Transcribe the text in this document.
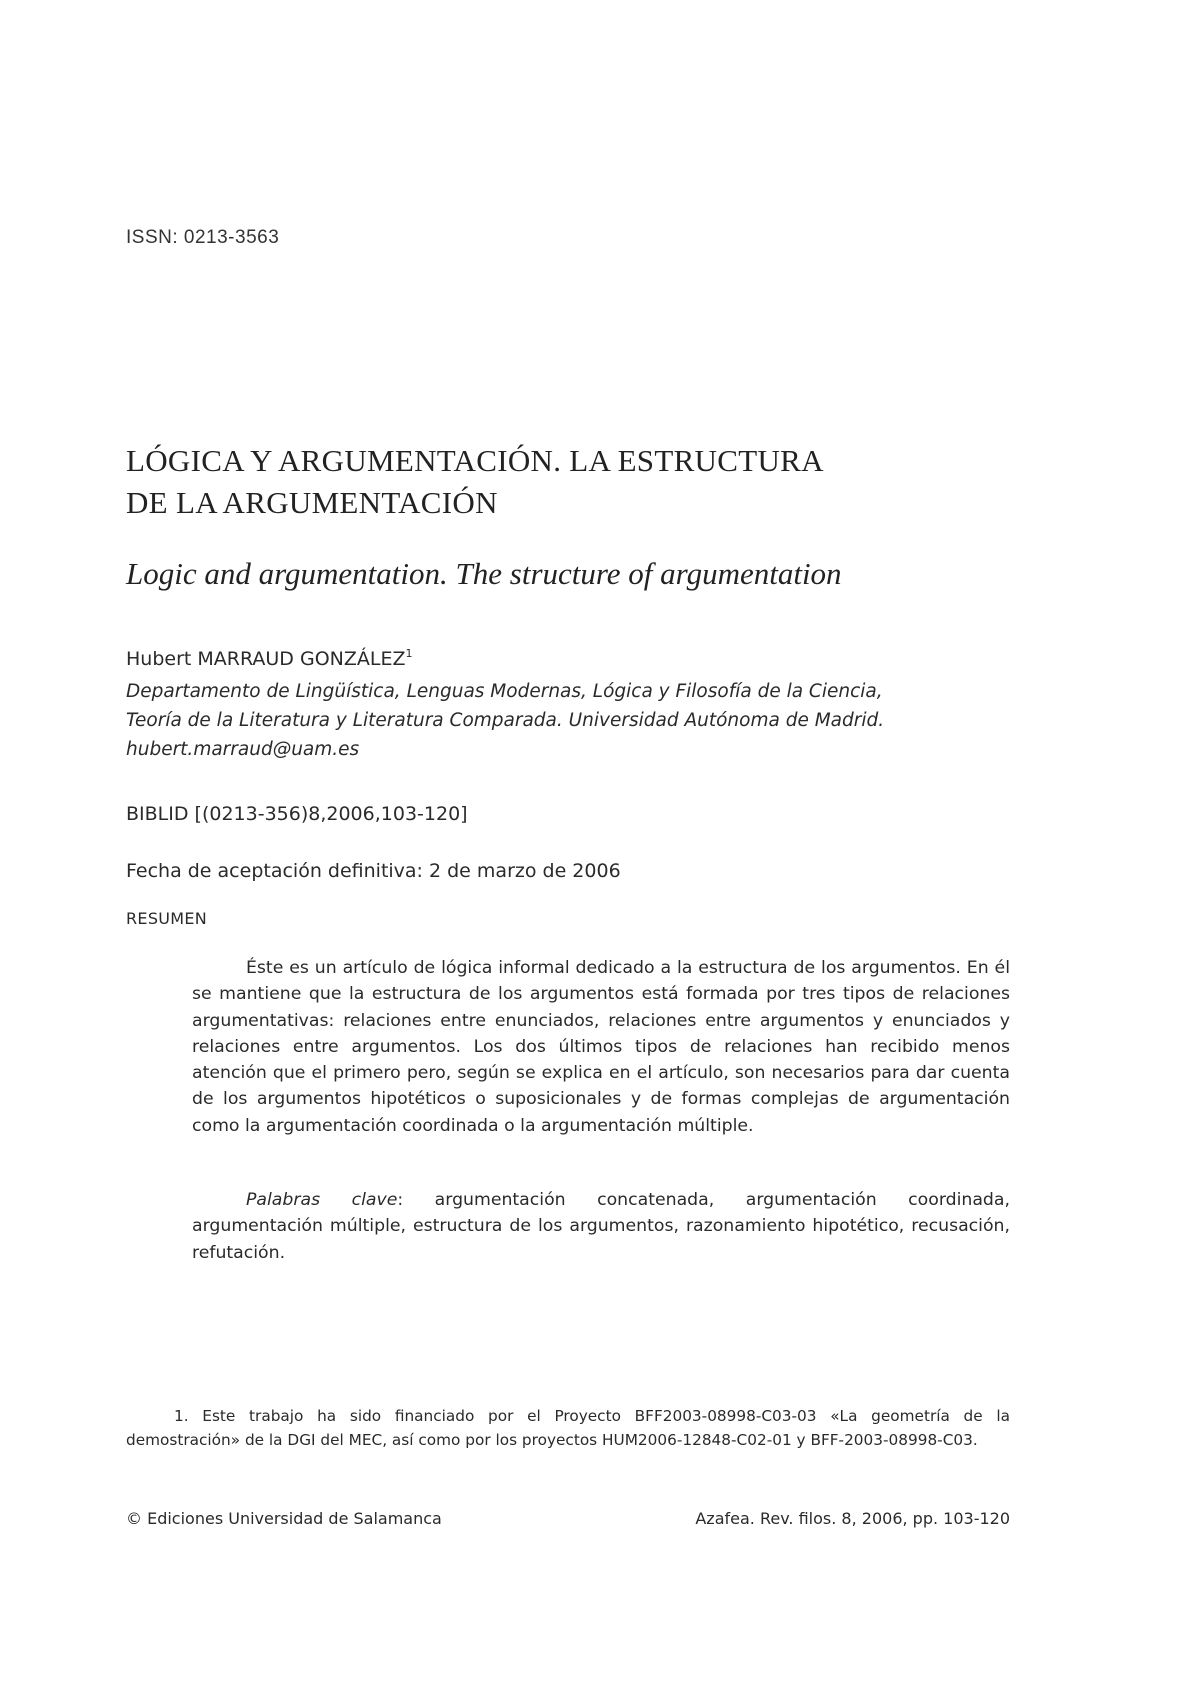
ISSN: 0213-3563
LÓGICA Y ARGUMENTACIÓN. LA ESTRUCTURA
DE LA ARGUMENTACIÓN
Logic and argumentation. The structure of argumentation
Hubert MARRAUD GONZÁLEZ$^1$
Departamento de Lingüística, Lenguas Modernas, Lógica y Filosofía de la Ciencia,
Teoría de la Literatura y Literatura Comparada. Universidad Autónoma de Madrid.
hubert.marraud@uam.es
BIBLID [(0213-356)8,2006,103-120]
Fecha de aceptación definitiva: 2 de marzo de 2006
RESUMEN

Éste es un artículo de lógica informal dedicado a la estructura de los argumentos. En él se mantiene que la estructura de los argumentos está formada por tres tipos de relaciones argumentativas: relaciones entre enunciados, relaciones entre argumentos y enunciados y relaciones entre argumentos. Los dos últimos tipos de relaciones han recibido menos atención que el primero pero, según se explica en el artículo, son necesarios para dar cuenta de los argumentos hipotéticos o suposicionales y de formas complejas de argumentación como la argumentación coordinada o la argumentación múltiple.

Palabras clave: argumentación concatenada, argumentación coordinada, argumentación múltiple, estructura de los argumentos, razonamiento hipotético, recusación, refutación.

1. Este trabajo ha sido financiado por el Proyecto BFF2003-08998-C03-03 «La geometría de la demostración» de la DGI del MEC, así como por los proyectos HUM2006-12848-C02-01 y BFF-2003-08998-C03.

© Ediciones Universidad de Salamanca	Azafea. Rev. filos. 8, 2006, pp. 103-120
